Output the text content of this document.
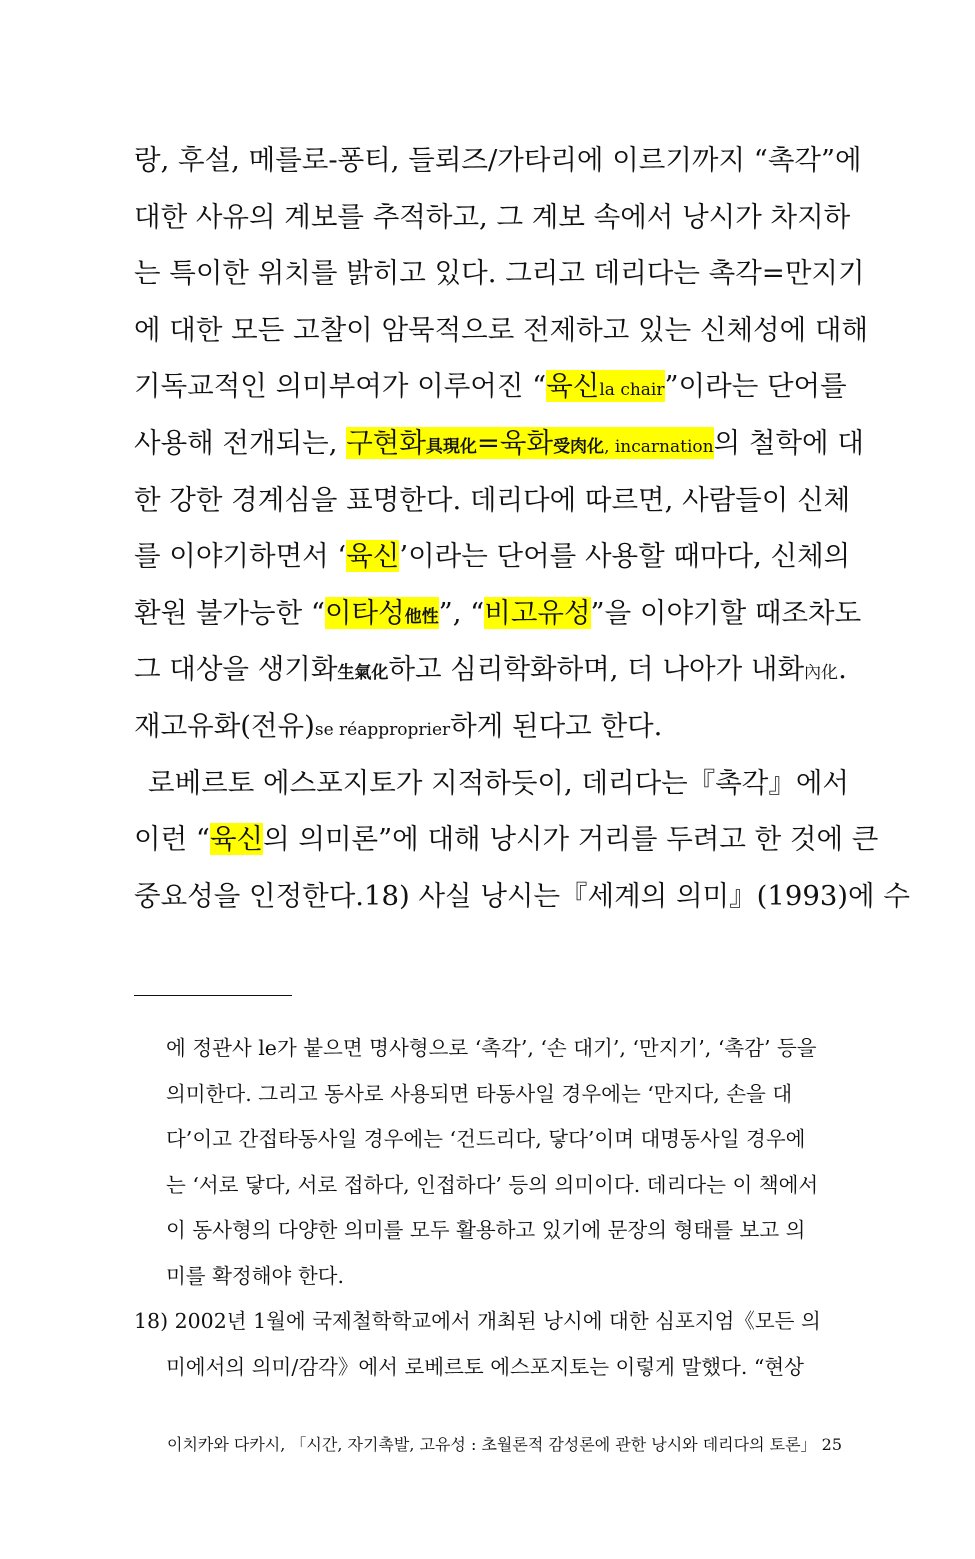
랑, 후설, 메를로-퐁티, 들뢰즈/가타리에 이르기까지 “촉각”에
대한 사유의 계보를 추적하고, 그 계보 속에서 낭시가 차지하
는 특이한 위치를 밝히고 있다. 그리고 데리다는 촉각=만지기
에 대한 모든 고찰이 암묵적으로 전제하고 있는 신체성에 대해
기독교적인 의미부여가 이루어진 “육신la chair”이라는 단어를
사용해 전개되는, 구현화具現化=육화受肉化, incarnation의 철학에 대
한 강한 경계심을 표명한다. 데리다에 따르면, 사람들이 신체
를 이야기하면서 ‘육신’이라는 단어를 사용할 때마다, 신체의
환원 불가능한 “이타성他性”, “비고유성”을 이야기할 때조차도
그 대상을 생기화生氣化하고 심리학화하며, 더 나아가 내화內化.
재고유화(전유)se réapproprier하게 된다고 한다.
로베르토 에스포지토가 지적하듯이, 데리다는『촉각』에서
이런 “육신의 의미론”에 대해 낭시가 거리를 두려고 한 것에 큰
중요성을 인정한다.18) 사실 낭시는『세계의 의미』(1993)에 수
에 정관사 le가 붙으면 명사형으로 ‘촉각’, ‘손 대기’, ‘만지기’, ‘촉감’ 등을
의미한다. 그리고 동사로 사용되면 타동사일 경우에는 ‘만지다, 손을 대
다’이고 간접타동사일 경우에는 ‘건드리다, 닿다’이며 대명동사일 경우에
는 ‘서로 닿다, 서로 접하다, 인접하다’ 등의 의미이다. 데리다는 이 책에서
이 동사형의 다양한 의미를 모두 활용하고 있기에 문장의 형태를 보고 의
미를 확정해야 한다.
18) 2002년 1월에 국제철학학교에서 개최된 낭시에 대한 심포지엄《모든 의
미에서의 의미/감각》에서 로베르토 에스포지토는 이렇게 말했다. “현상
이치카와 다카시, 「시간, 자기촉발, 고유성 : 초월론적 감성론에 관한 낭시와 데리다의 토론」 25
